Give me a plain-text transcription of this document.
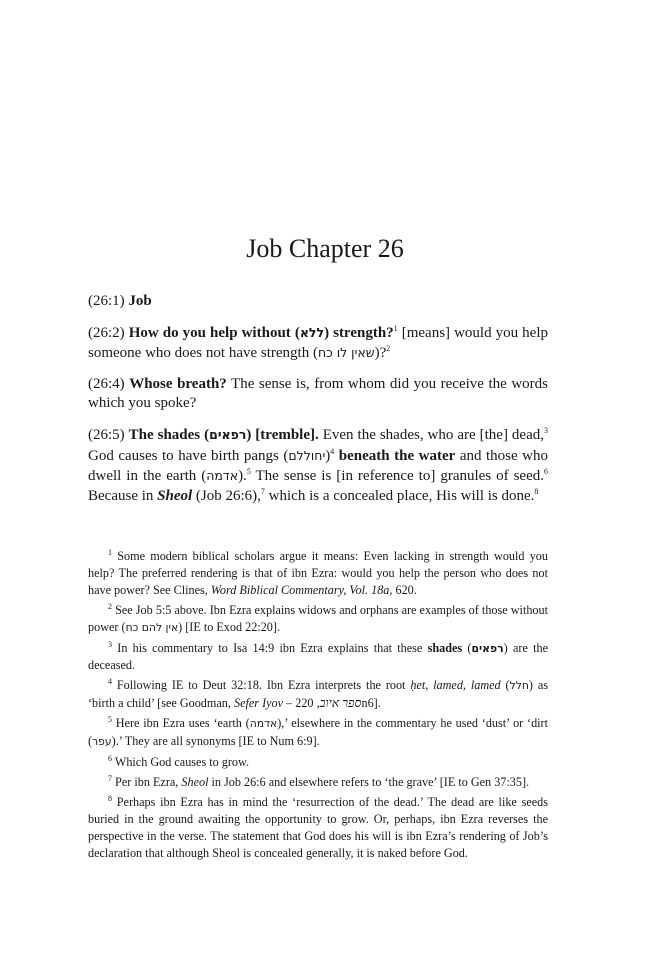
Job Chapter 26

(26:1) Job

(26:2) How do you help without (ללא) strength?$^1$ [means] would you help someone who does not have strength (שאין לו כח)?$^2$

(26:4) Whose breath? The sense is, from whom did you receive the words which you spoke?

(26:5) The shades (רפאים) [tremble]. Even the shades, who are [the] dead,$^3$ God causes to have birth pangs (יחוללם)$^4$ beneath the water and those who dwell in the earth (אדמה).$^5$ The sense is [in reference to] granules of seed.$^6$ Because in Sheol (Job 26:6),$^7$ which is a concealed place, His will is done.$^8$

$^1$ Some modern biblical scholars argue it means: Even lacking in strength would you help? The preferred rendering is that of ibn Ezra: would you help the person who does not have power? See Clines, Word Biblical Commentary, Vol. 18a, 620.

$^2$ See Job 5:5 above. Ibn Ezra explains widows and orphans are examples of those without power (אין להם כח) [IE to Exod 22:20].

$^3$ In his commentary to Isa 14:9 ibn Ezra explains that these shades (רפאים) are the deceased.

$^4$ Following IE to Deut 32:18. Ibn Ezra interprets the root ḥet, lamed, lamed (חלל) as ‘birth a child’ [see Goodman, Sefer Iyov – ספר איוב, 220n6].

$^5$ Here ibn Ezra uses ‘earth (אדמה),’ elsewhere in the commentary he used ‘dust’ or ‘dirt (עפר).’ They are all synonyms [IE to Num 6:9].

$^6$ Which God causes to grow.

$^7$ Per ibn Ezra, Sheol in Job 26:6 and elsewhere refers to ‘the grave’ [IE to Gen 37:35].

$^8$ Perhaps ibn Ezra has in mind the ‘resurrection of the dead.’ The dead are like seeds buried in the ground awaiting the opportunity to grow. Or, perhaps, ibn Ezra reverses the perspective in the verse. The statement that God does his will is ibn Ezra’s rendering of Job’s declaration that although Sheol is concealed generally, it is naked before God.
